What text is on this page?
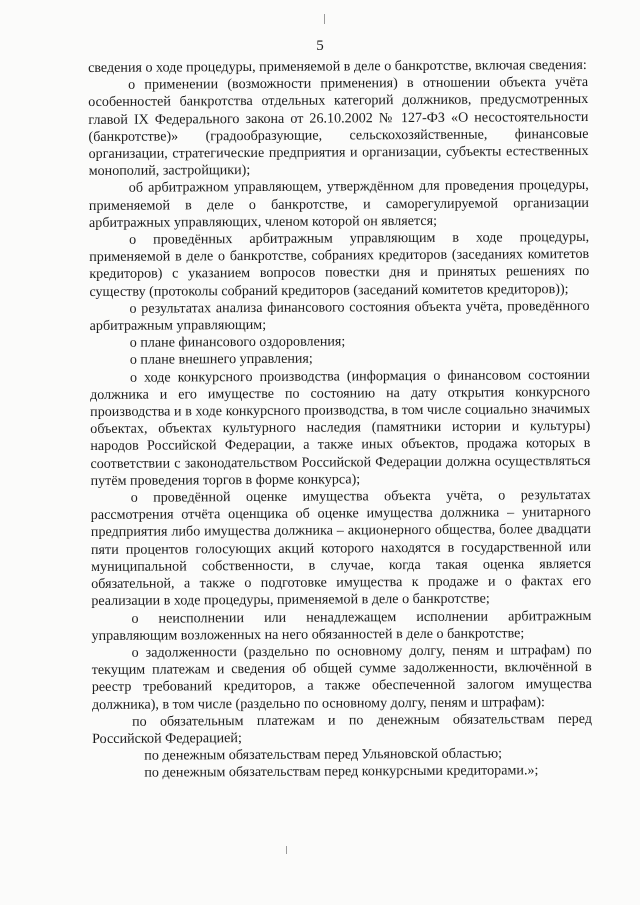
5

сведения о ходе процедуры, применяемой в деле о банкротстве, включая сведения:

о применении (возможности применения) в отношении объекта учёта особенностей банкротства отдельных категорий должников, предусмотренных главой IX Федерального закона от 26.10.2002 № 127-ФЗ «О несостоятельности (банкротстве)» (градообразующие, сельскохозяйственные, финансовые организации, стратегические предприятия и организации, субъекты естественных монополий, застройщики);

об арбитражном управляющем, утверждённом для проведения процедуры, применяемой в деле о банкротстве, и саморегулируемой организации арбитражных управляющих, членом которой он является;

о проведённых арбитражным управляющим в ходе процедуры, применяемой в деле о банкротстве, собраниях кредиторов (заседаниях комитетов кредиторов) с указанием вопросов повестки дня и принятых решениях по существу (протоколы собраний кредиторов (заседаний комитетов кредиторов));

о результатах анализа финансового состояния объекта учёта, проведённого арбитражным управляющим;

о плане финансового оздоровления;

о плане внешнего управления;

о ходе конкурсного производства (информация о финансовом состоянии должника и его имуществе по состоянию на дату открытия конкурсного производства и в ходе конкурсного производства, в том числе социально значимых объектах, объектах культурного наследия (памятники истории и культуры) народов Российской Федерации, а также иных объектов, продажа которых в соответствии с законодательством Российской Федерации должна осуществляться путём проведения торгов в форме конкурса);

о проведённой оценке имущества объекта учёта, о результатах рассмотрения отчёта оценщика об оценке имущества должника – унитарного предприятия либо имущества должника – акционерного общества, более двадцати пяти процентов голосующих акций которого находятся в государственной или муниципальной собственности, в случае, когда такая оценка является обязательной, а также о подготовке имущества к продаже и о фактах его реализации в ходе процедуры, применяемой в деле о банкротстве;

о неисполнении или ненадлежащем исполнении арбитражным управляющим возложенных на него обязанностей в деле о банкротстве;

о задолженности (раздельно по основному долгу, пеням и штрафам) по текущим платежам и сведения об общей сумме задолженности, включённой в реестр требований кредиторов, а также обеспеченной залогом имущества должника), в том числе (раздельно по основному долгу, пеням и штрафам):

по обязательным платежам и по денежным обязательствам перед Российской Федерацией;

по денежным обязательствам перед Ульяновской областью;

по денежным обязательствам перед конкурсными кредиторами.»;
